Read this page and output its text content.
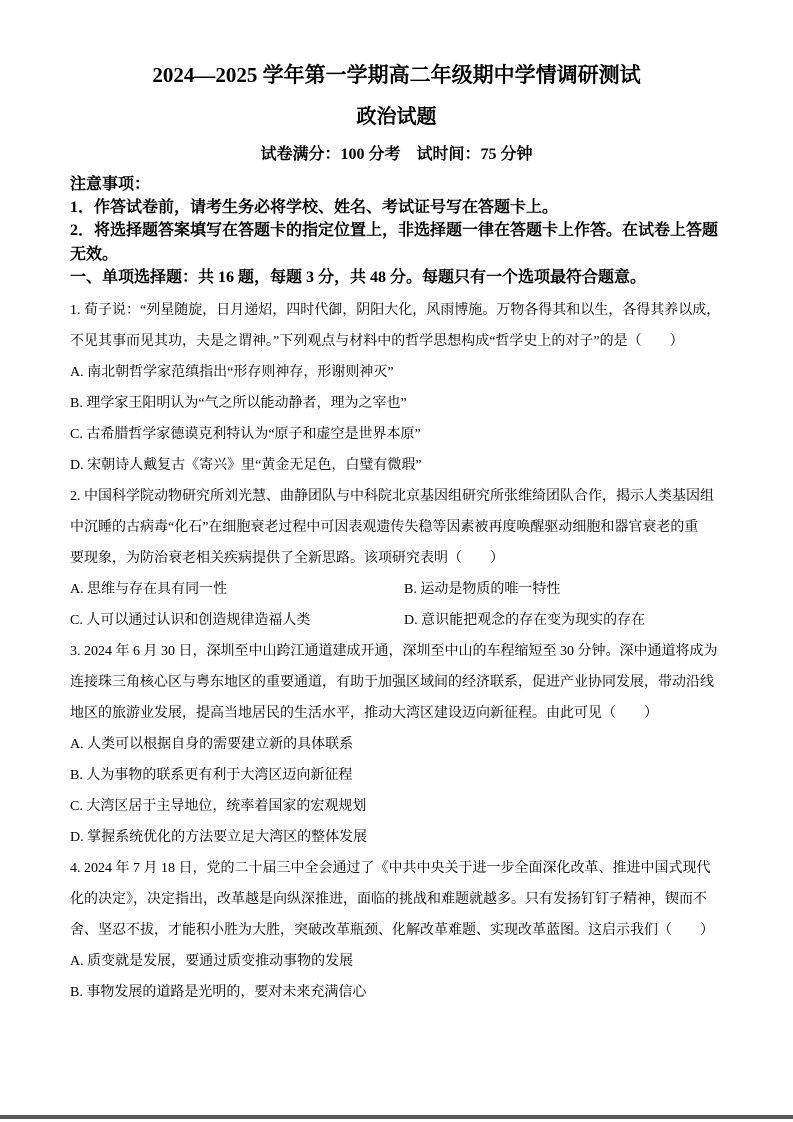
2024—2025 学年第一学期高二年级期中学情调研测试
政治试题
试卷满分：100 分考　试时间：75 分钟
注意事项：
1．作答试卷前，请考生务必将学校、姓名、考试证号写在答题卡上。
2．将选择题答案填写在答题卡的指定位置上，非选择题一律在答题卡上作答。在试卷上答题
无效。
一、单项选择题：共 16 题，每题 3 分，共 48 分。每题只有一个选项最符合题意。
1. 荀子说：“列星随旋，日月递炤，四时代御，阴阳大化，风雨博施。万物各得其和以生，各得其养以成，
不见其事而见其功，夫是之谓神。”下列观点与材料中的哲学思想构成“哲学史上的对子”的是（　　）
A. 南北朝哲学家范缜指出“形存则神存，形谢则神灭”
B. 理学家王阳明认为“气之所以能动静者，理为之宰也”
C. 古希腊哲学家德谟克利特认为“原子和虚空是世界本原”
D. 宋朝诗人戴复古《寄兴》里“黄金无足色，白璧有微瑕”
2. 中国科学院动物研究所刘光慧、曲静团队与中科院北京基因组研究所张维绮团队合作，揭示人类基因组
中沉睡的古病毒“化石”在细胞衰老过程中可因表观遗传失稳等因素被再度唤醒驱动细胞和器官衰老的重
要现象，为防治衰老相关疾病提供了全新思路。该项研究表明（　　）
A. 思维与存在具有同一性	B. 运动是物质的唯一特性
C. 人可以通过认识和创造规律造福人类	D. 意识能把观念的存在变为现实的存在
3. 2024 年 6 月 30 日，深圳至中山跨江通道建成开通，深圳至中山的车程缩短至 30 分钟。深中通道将成为
连接珠三角核心区与粤东地区的重要通道，有助于加强区域间的经济联系，促进产业协同发展，带动沿线
地区的旅游业发展，提高当地居民的生活水平，推动大湾区建设迈向新征程。由此可见（　　）
A. 人类可以根据自身的需要建立新的具体联系
B. 人为事物的联系更有利于大湾区迈向新征程
C. 大湾区居于主导地位，统率着国家的宏观规划
D. 掌握系统优化的方法要立足大湾区的整体发展
4. 2024 年 7 月 18 日，党的二十届三中全会通过了《中共中央关于进一步全面深化改革、推进中国式现代
化的决定》，决定指出，改革越是向纵深推进，面临的挑战和难题就越多。只有发扬钉钉子精神，锲而不
舍、坚忍不拔，才能积小胜为大胜，突破改革瓶颈、化解改革难题、实现改革蓝图。这启示我们（　　）
A. 质变就是发展，要通过质变推动事物的发展
B. 事物发展的道路是光明的，要对未来充满信心
